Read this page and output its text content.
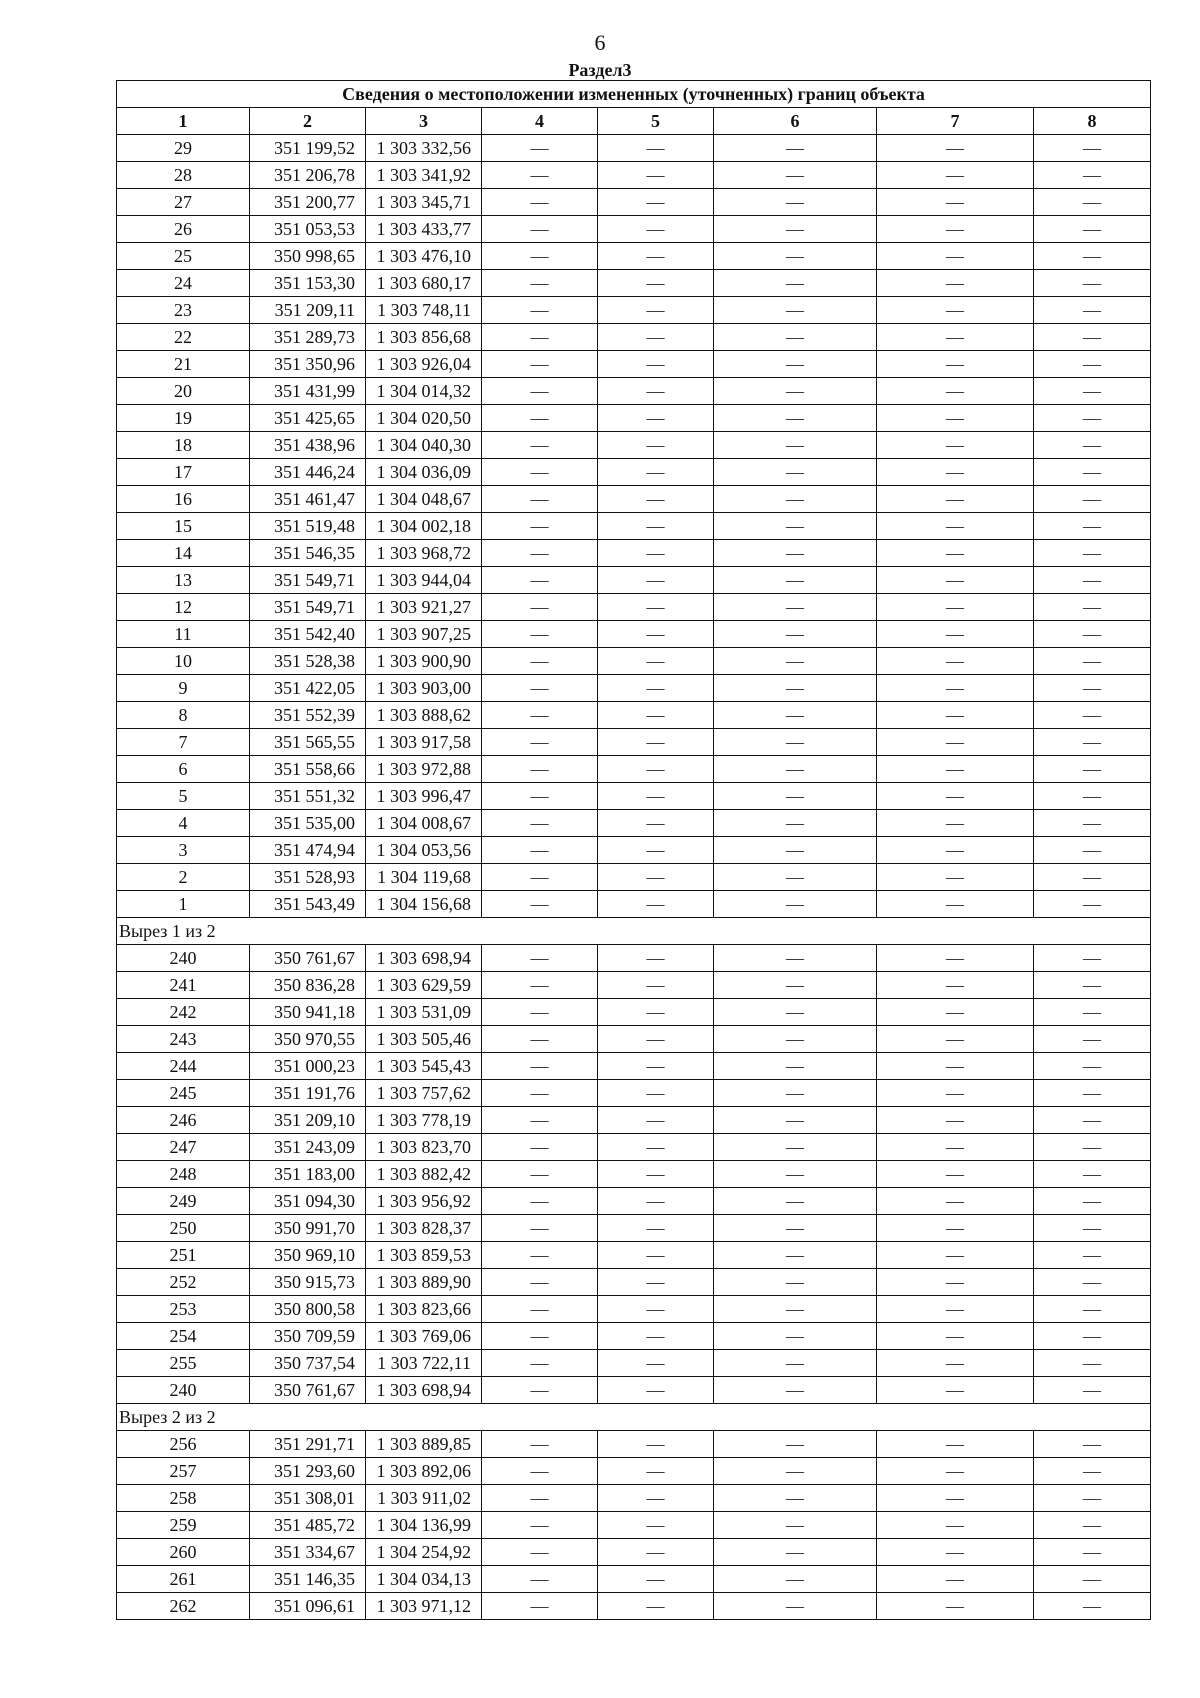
6
Раздел3
Сведения о местоположении измененных (уточненных) границ объекта							
1	2	3	4	5	6	7	8
29	351 199,52	1 303 332,56	—	—	—	—	—
28	351 206,78	1 303 341,92	—	—	—	—	—
27	351 200,77	1 303 345,71	—	—	—	—	—
26	351 053,53	1 303 433,77	—	—	—	—	—
25	350 998,65	1 303 476,10	—	—	—	—	—
24	351 153,30	1 303 680,17	—	—	—	—	—
23	351 209,11	1 303 748,11	—	—	—	—	—
22	351 289,73	1 303 856,68	—	—	—	—	—
21	351 350,96	1 303 926,04	—	—	—	—	—
20	351 431,99	1 304 014,32	—	—	—	—	—
19	351 425,65	1 304 020,50	—	—	—	—	—
18	351 438,96	1 304 040,30	—	—	—	—	—
17	351 446,24	1 304 036,09	—	—	—	—	—
16	351 461,47	1 304 048,67	—	—	—	—	—
15	351 519,48	1 304 002,18	—	—	—	—	—
14	351 546,35	1 303 968,72	—	—	—	—	—
13	351 549,71	1 303 944,04	—	—	—	—	—
12	351 549,71	1 303 921,27	—	—	—	—	—
11	351 542,40	1 303 907,25	—	—	—	—	—
10	351 528,38	1 303 900,90	—	—	—	—	—
9	351 422,05	1 303 903,00	—	—	—	—	—
8	351 552,39	1 303 888,62	—	—	—	—	—
7	351 565,55	1 303 917,58	—	—	—	—	—
6	351 558,66	1 303 972,88	—	—	—	—	—
5	351 551,32	1 303 996,47	—	—	—	—	—
4	351 535,00	1 304 008,67	—	—	—	—	—
3	351 474,94	1 304 053,56	—	—	—	—	—
2	351 528,93	1 304 119,68	—	—	—	—	—
1	351 543,49	1 304 156,68	—	—	—	—	—
Вырез 1 из 2							
240	350 761,67	1 303 698,94	—	—	—	—	—
241	350 836,28	1 303 629,59	—	—	—	—	—
242	350 941,18	1 303 531,09	—	—	—	—	—
243	350 970,55	1 303 505,46	—	—	—	—	—
244	351 000,23	1 303 545,43	—	—	—	—	—
245	351 191,76	1 303 757,62	—	—	—	—	—
246	351 209,10	1 303 778,19	—	—	—	—	—
247	351 243,09	1 303 823,70	—	—	—	—	—
248	351 183,00	1 303 882,42	—	—	—	—	—
249	351 094,30	1 303 956,92	—	—	—	—	—
250	350 991,70	1 303 828,37	—	—	—	—	—
251	350 969,10	1 303 859,53	—	—	—	—	—
252	350 915,73	1 303 889,90	—	—	—	—	—
253	350 800,58	1 303 823,66	—	—	—	—	—
254	350 709,59	1 303 769,06	—	—	—	—	—
255	350 737,54	1 303 722,11	—	—	—	—	—
240	350 761,67	1 303 698,94	—	—	—	—	—
Вырез 2 из 2							
256	351 291,71	1 303 889,85	—	—	—	—	—
257	351 293,60	1 303 892,06	—	—	—	—	—
258	351 308,01	1 303 911,02	—	—	—	—	—
259	351 485,72	1 304 136,99	—	—	—	—	—
260	351 334,67	1 304 254,92	—	—	—	—	—
261	351 146,35	1 304 034,13	—	—	—	—	—
262	351 096,61	1 303 971,12	—	—	—	—	—
